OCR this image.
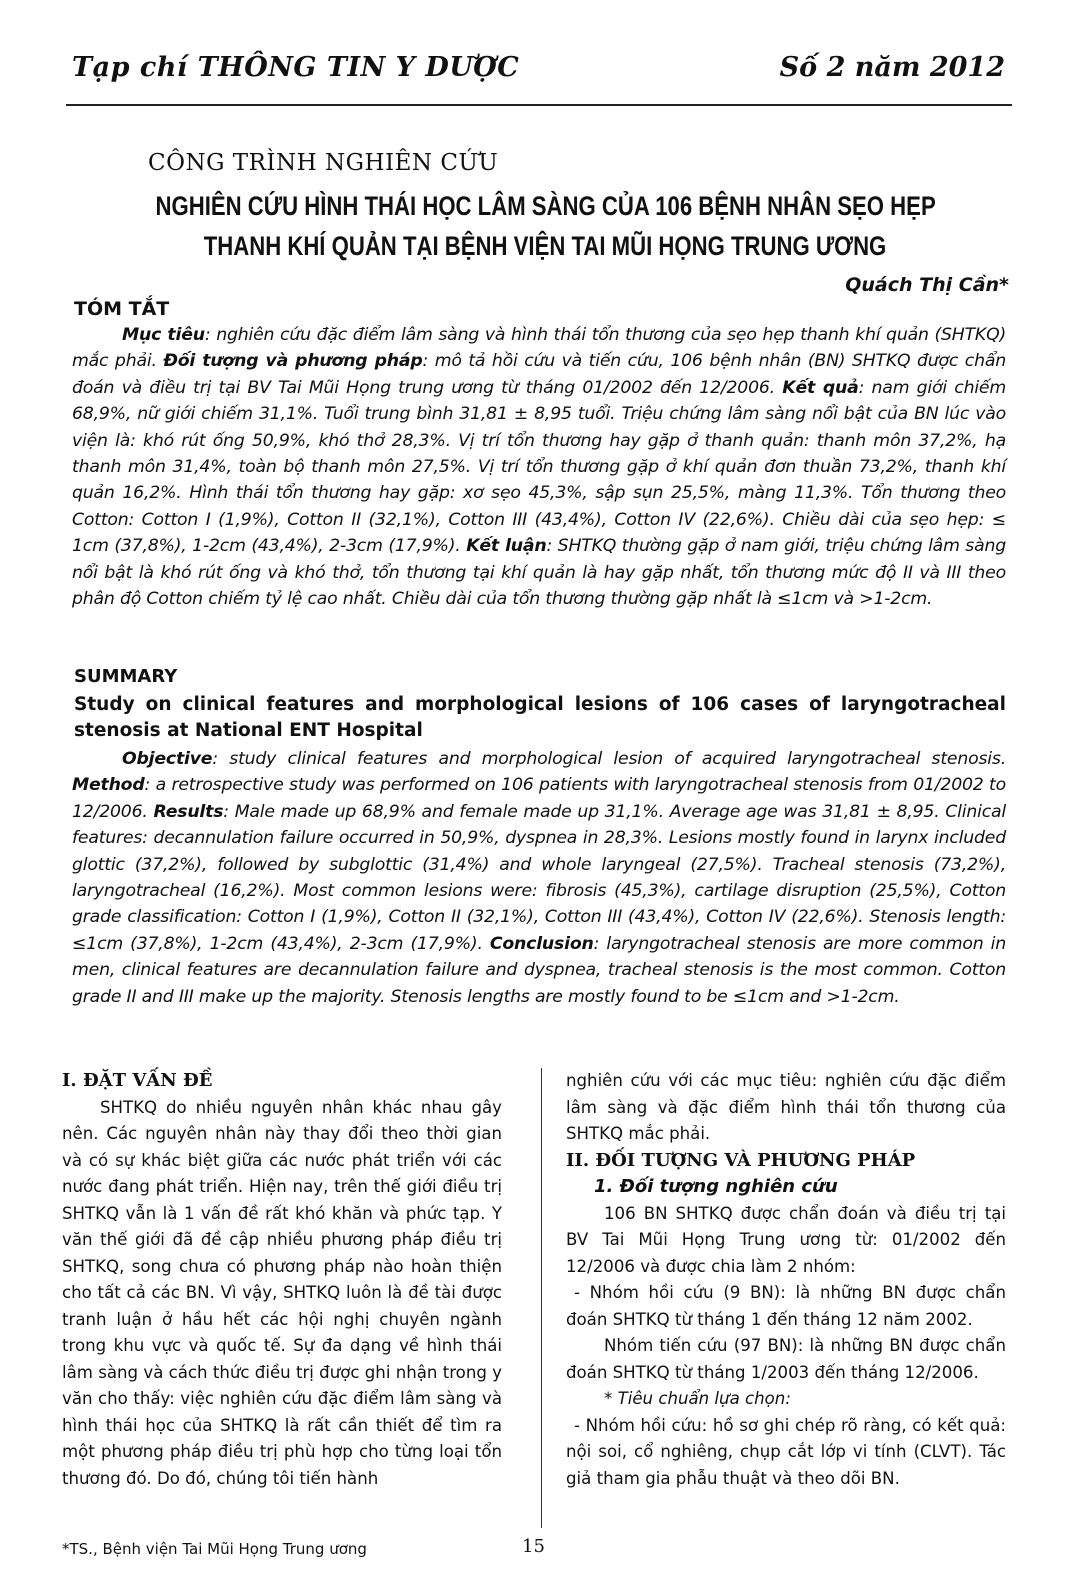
Tạp chí THÔNG TIN Y DƯỢC	Số 2 năm 2012
CÔNG TRÌNH NGHIÊN CỨU
NGHIÊN CỨU HÌNH THÁI HỌC LÂM SÀNG CỦA 106 BỆNH NHÂN SẸO HẸP
THANH KHÍ QUẢN TẠI BỆNH VIỆN TAI MŨI HỌNG TRUNG ƯƠNG
Quách Thị Cần*
TÓM TẮT
Mục tiêu: nghiên cứu đặc điểm lâm sàng và hình thái tổn thương của sẹo hẹp thanh khí quản (SHTKQ) mắc phải. Đối tượng và phương pháp: mô tả hồi cứu và tiến cứu, 106 bệnh nhân (BN) SHTKQ được chẩn đoán và điều trị tại BV Tai Mũi Họng trung ương từ tháng 01/2002 đến 12/2006. Kết quả: nam giới chiếm 68,9%, nữ giới chiếm 31,1%. Tuổi trung bình 31,81 ± 8,95 tuổi. Triệu chứng lâm sàng nổi bật của BN lúc vào viện là: khó rút ống 50,9%, khó thở 28,3%. Vị trí tổn thương hay gặp ở thanh quản: thanh môn 37,2%, hạ thanh môn 31,4%, toàn bộ thanh môn 27,5%. Vị trí tổn thương gặp ở khí quản đơn thuần 73,2%, thanh khí quản 16,2%. Hình thái tổn thương hay gặp: xơ sẹo 45,3%, sập sụn 25,5%, màng 11,3%. Tổn thương theo Cotton: Cotton I (1,9%), Cotton II (32,1%), Cotton III (43,4%), Cotton IV (22,6%). Chiều dài của sẹo hẹp: ≤ 1cm (37,8%), 1-2cm (43,4%), 2-3cm (17,9%). Kết luận: SHTKQ thường gặp ở nam giới, triệu chứng lâm sàng nổi bật là khó rút ống và khó thở, tổn thương tại khí quản là hay gặp nhất, tổn thương mức độ II và III theo phân độ Cotton chiếm tỷ lệ cao nhất. Chiều dài của tổn thương thường gặp nhất là ≤1cm và >1-2cm.
SUMMARY
Study on clinical features and morphological lesions of 106 cases of laryngotracheal stenosis at National ENT Hospital
Objective: study clinical features and morphological lesion of acquired laryngotracheal stenosis. Method: a retrospective study was performed on 106 patients with laryngotracheal stenosis from 01/2002 to 12/2006. Results: Male made up 68,9% and female made up 31,1%. Average age was 31,81 ± 8,95. Clinical features: decannulation failure occurred in 50,9%, dyspnea in 28,3%. Lesions mostly found in larynx included glottic (37,2%), followed by subglottic (31,4%) and whole laryngeal (27,5%). Tracheal stenosis (73,2%), laryngotracheal (16,2%). Most common lesions were: fibrosis (45,3%), cartilage disruption (25,5%), Cotton grade classification: Cotton I (1,9%), Cotton II (32,1%), Cotton III (43,4%), Cotton IV (22,6%). Stenosis length: ≤1cm (37,8%), 1-2cm (43,4%), 2-3cm (17,9%). Conclusion: laryngotracheal stenosis are more common in men, clinical features are decannulation failure and dyspnea, tracheal stenosis is the most common. Cotton grade II and III make up the majority. Stenosis lengths are mostly found to be ≤1cm and >1-2cm.
I. ĐẶT VẤN ĐỀ

SHTKQ do nhiều nguyên nhân khác nhau gây nên. Các nguyên nhân này thay đổi theo thời gian và có sự khác biệt giữa các nước phát triển với các nước đang phát triển. Hiện nay, trên thế giới điều trị SHTKQ vẫn là 1 vấn đề rất khó khăn và phức tạp. Y văn thế giới đã đề cập nhiều phương pháp điều trị SHTKQ, song chưa có phương pháp nào hoàn thiện cho tất cả các BN. Vì vậy, SHTKQ luôn là đề tài được tranh luận ở hầu hết các hội nghị chuyên ngành trong khu vực và quốc tế. Sự đa dạng về hình thái lâm sàng và cách thức điều trị được ghi nhận trong y văn cho thấy: việc nghiên cứu đặc điểm lâm sàng và hình thái học của SHTKQ là rất cần thiết để tìm ra một phương pháp điều trị phù hợp cho từng loại tổn thương đó. Do đó, chúng tôi tiến hành

nghiên cứu với các mục tiêu: nghiên cứu đặc điểm lâm sàng và đặc điểm hình thái tổn thương của SHTKQ mắc phải.

II. ĐỐI TƯỢNG VÀ PHƯƠNG PHÁP
1. Đối tượng nghiên cứu

106 BN SHTKQ được chẩn đoán và điều trị tại BV Tai Mũi Họng Trung ương từ: 01/2002 đến 12/2006 và được chia làm 2 nhóm:

- Nhóm hồi cứu (9 BN): là những BN được chẩn đoán SHTKQ từ tháng 1 đến tháng 12 năm 2002.

Nhóm tiến cứu (97 BN): là những BN được chẩn đoán SHTKQ từ tháng 1/2003 đến tháng 12/2006.

* Tiêu chuẩn lựa chọn:

- Nhóm hồi cứu: hồ sơ ghi chép rõ ràng, có kết quả: nội soi, cổ nghiêng, chụp cắt lớp vi tính (CLVT). Tác giả tham gia phẫu thuật và theo dõi BN.

*TS., Bệnh viện Tai Mũi Họng Trung ương	15
